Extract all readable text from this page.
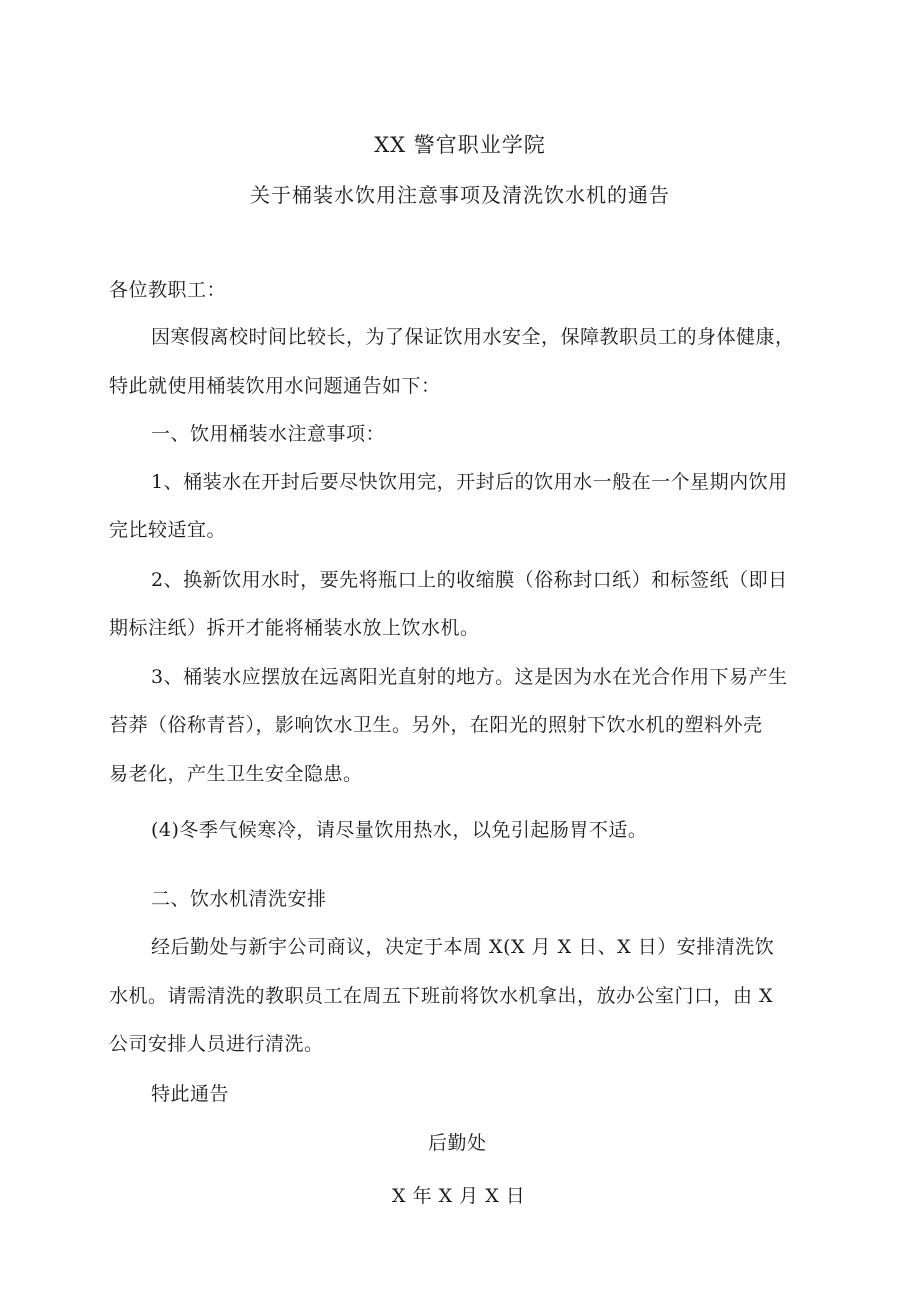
XX 警官职业学院
关于桶装水饮用注意事项及清洗饮水机的通告
各位教职工：
因寒假离校时间比较长，为了保证饮用水安全，保障教职员工的身体健康，
特此就使用桶装饮用水问题通告如下：
一、饮用桶装水注意事项：
1、桶装水在开封后要尽快饮用完，开封后的饮用水一般在一个星期内饮用
完比较适宜。
2、换新饮用水时，要先将瓶口上的收缩膜（俗称封口纸）和标签纸（即日
期标注纸）拆开才能将桶装水放上饮水机。
3、桶装水应摆放在远离阳光直射的地方。这是因为水在光合作用下易产生
苔莽（俗称青苔），影响饮水卫生。另外，在阳光的照射下饮水机的塑料外壳
易老化，产生卫生安全隐患。
(4)冬季气候寒冷，请尽量饮用热水，以免引起肠胃不适。
二、饮水机清洗安排
经后勤处与新宇公司商议，决定于本周 X(X 月 X 日、X 日）安排清洗饮
水机。请需清洗的教职员工在周五下班前将饮水机拿出，放办公室门口，由 X
公司安排人员进行清洗。
特此通告
后勤处
X 年 X 月 X 日
